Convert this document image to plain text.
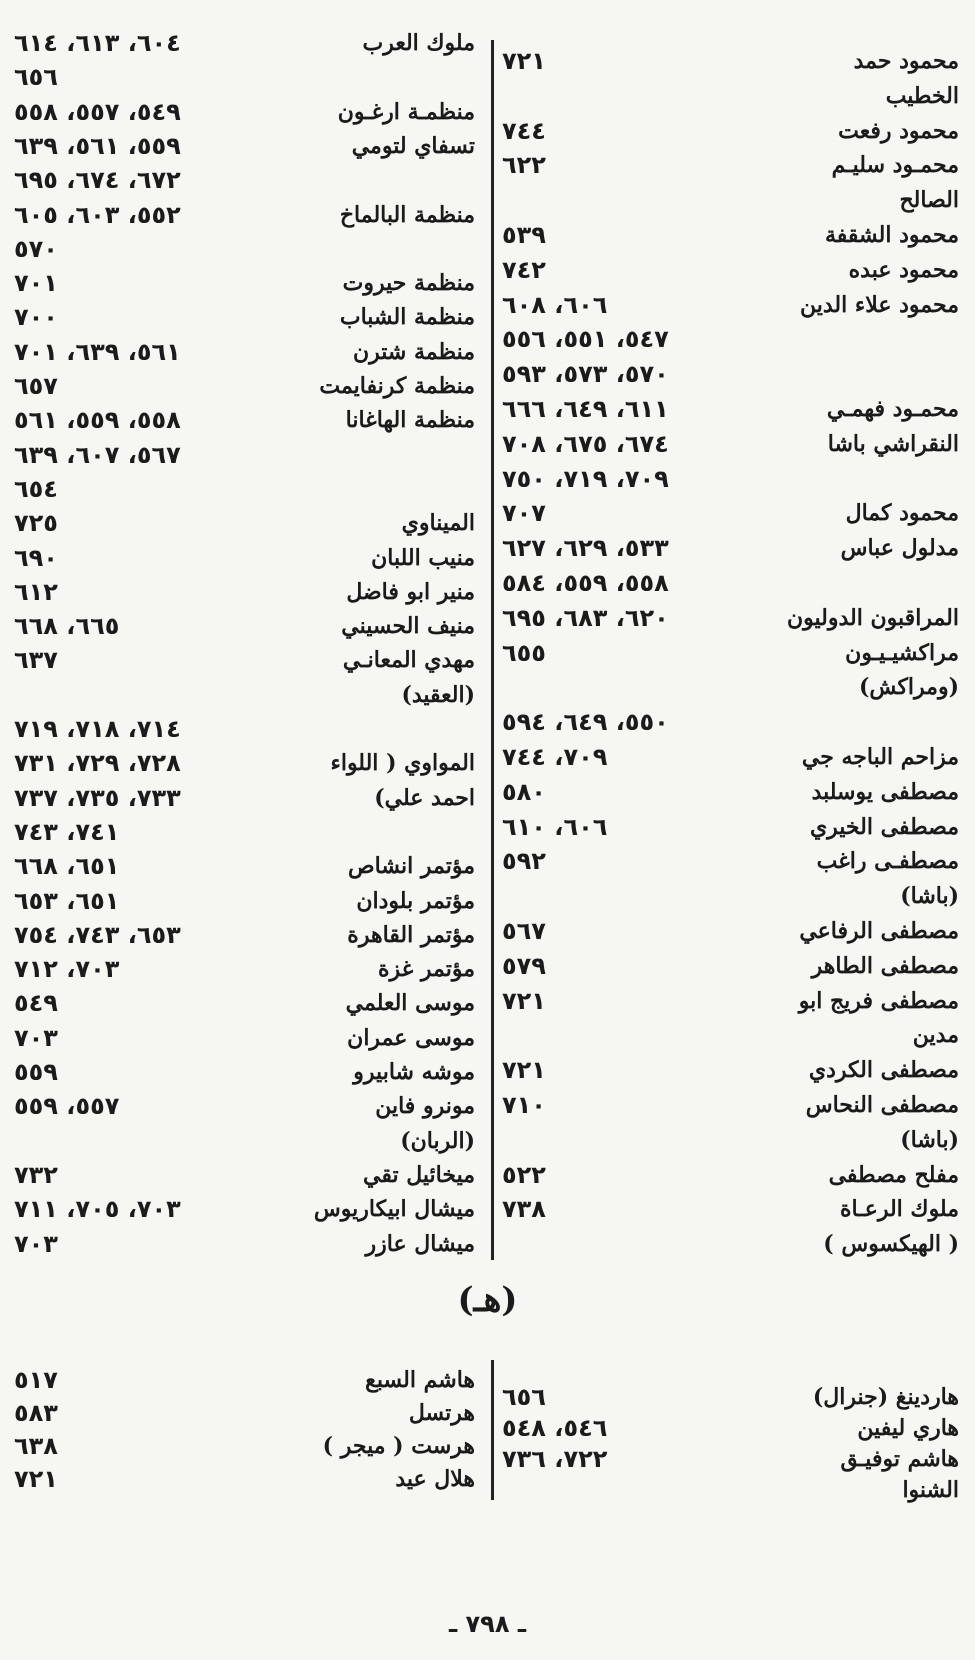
ملوك العرب
٦٠٤، ٦١٣، ٦١٤
٦٥٦
منظمـة ارغـون
٥٤٩، ٥٥٧، ٥٥٨
تسفاي لتومي
٥٥٩، ٥٦١، ٦٣٩
٦٧٢، ٦٧٤، ٦٩٥
منظمة البالماخ
٥٥٢، ٦٠٣، ٦٠٥
٥٧٠
منظمة حيروت
٧٠١
منظمة الشباب
٧٠٠
منظمة شترن
٥٦١، ٦٣٩، ٧٠١
منظمة كرنفايمت
٦٥٧
منظمة الهاغانا
٥٥٨، ٥٥٩، ٥٦١
٥٦٧، ٦٠٧، ٦٣٩
٦٥٤
الميناوي
٧٢٥
منيب اللبان
٦٩٠
منير ابو فاضل
٦١٢
منيف الحسيني
٦٦٥، ٦٦٨
مهدي المعانـي
٦٣٧
(العقيد)
٧١٤، ٧١٨، ٧١٩
المواوي ( اللواء
٧٢٨، ٧٢٩، ٧٣١
احمد علي)
٧٣٣، ٧٣٥، ٧٣٧
٧٤١، ٧٤٣
مؤتمر انشاص
٦٥١، ٦٦٨
مؤتمر بلودان
٦٥١، ٦٥٣
مؤتمر القاهرة
٦٥٣، ٧٤٣، ٧٥٤
مؤتمر غزة
٧٠٣، ٧١٢
موسى العلمي
٥٤٩
موسى عمران
٧٠٣
موشه شابيرو
٥٥٩
مونرو فاين
٥٥٧، ٥٥٩
(الربان)
ميخائيل تقي
٧٣٢
ميشال ابيكاريوس
٧٠٣، ٧٠٥، ٧١١
ميشال عازر
٧٠٣
محمود حمد
٧٢١
الخطيب
محمود رفعت
٧٤٤
محمـود سليـم
٦٢٢
الصالح
محمود الشقفة
٥٣٩
محمود عبده
٧٤٢
محمود علاء الدين
٦٠٦، ٦٠٨
٥٤٧، ٥٥١، ٥٥٦
٥٧٠، ٥٧٣، ٥٩٣
محمـود فهمـي
٦١١، ٦٤٩، ٦٦٦
النقراشي باشا
٦٧٤، ٦٧٥، ٧٠٨
٧٠٩، ٧١٩، ٧٥٠
محمود كمال
٧٠٧
مدلول عباس
٥٣٣، ٦٢٩، ٦٢٧
٥٥٨، ٥٥٩، ٥٨٤
المراقبون الدوليون
٦٢٠، ٦٨٣، ٦٩٥
مراكشيـيـون
٦٥٥
(ومراكش)
٥٥٠، ٦٤٩، ٥٩٤
مزاحم الباجه جي
٧٠٩، ٧٤٤
مصطفى يوسلبد
٥٨٠
مصطفى الخيري
٦٠٦، ٦١٠
مصطفـى راغب
٥٩٢
(باشا)
مصطفى الرفاعي
٥٦٧
مصطفى الطاهر
٥٧٩
مصطفى فريج ابو
٧٢١
مدين
مصطفى الكردي
٧٢١
مصطفى النحاس
٧١٠
(باشا)
مفلح مصطفى
٥٢٢
ملوك الرعـاة
٧٣٨
( الهيكسوس )
(هـ)
هاشم السبع
٥١٧
هرتسل
٥٨٣
هرست ( ميجر )
٦٣٨
هلال عيد
٧٢١
هاردينغ (جنرال)
٦٥٦
هاري ليفين
٥٤٦، ٥٤٨
هاشم توفيـق
٧٢٢، ٧٣٦
الشنوا
ـ ٧٩٨ ـ
